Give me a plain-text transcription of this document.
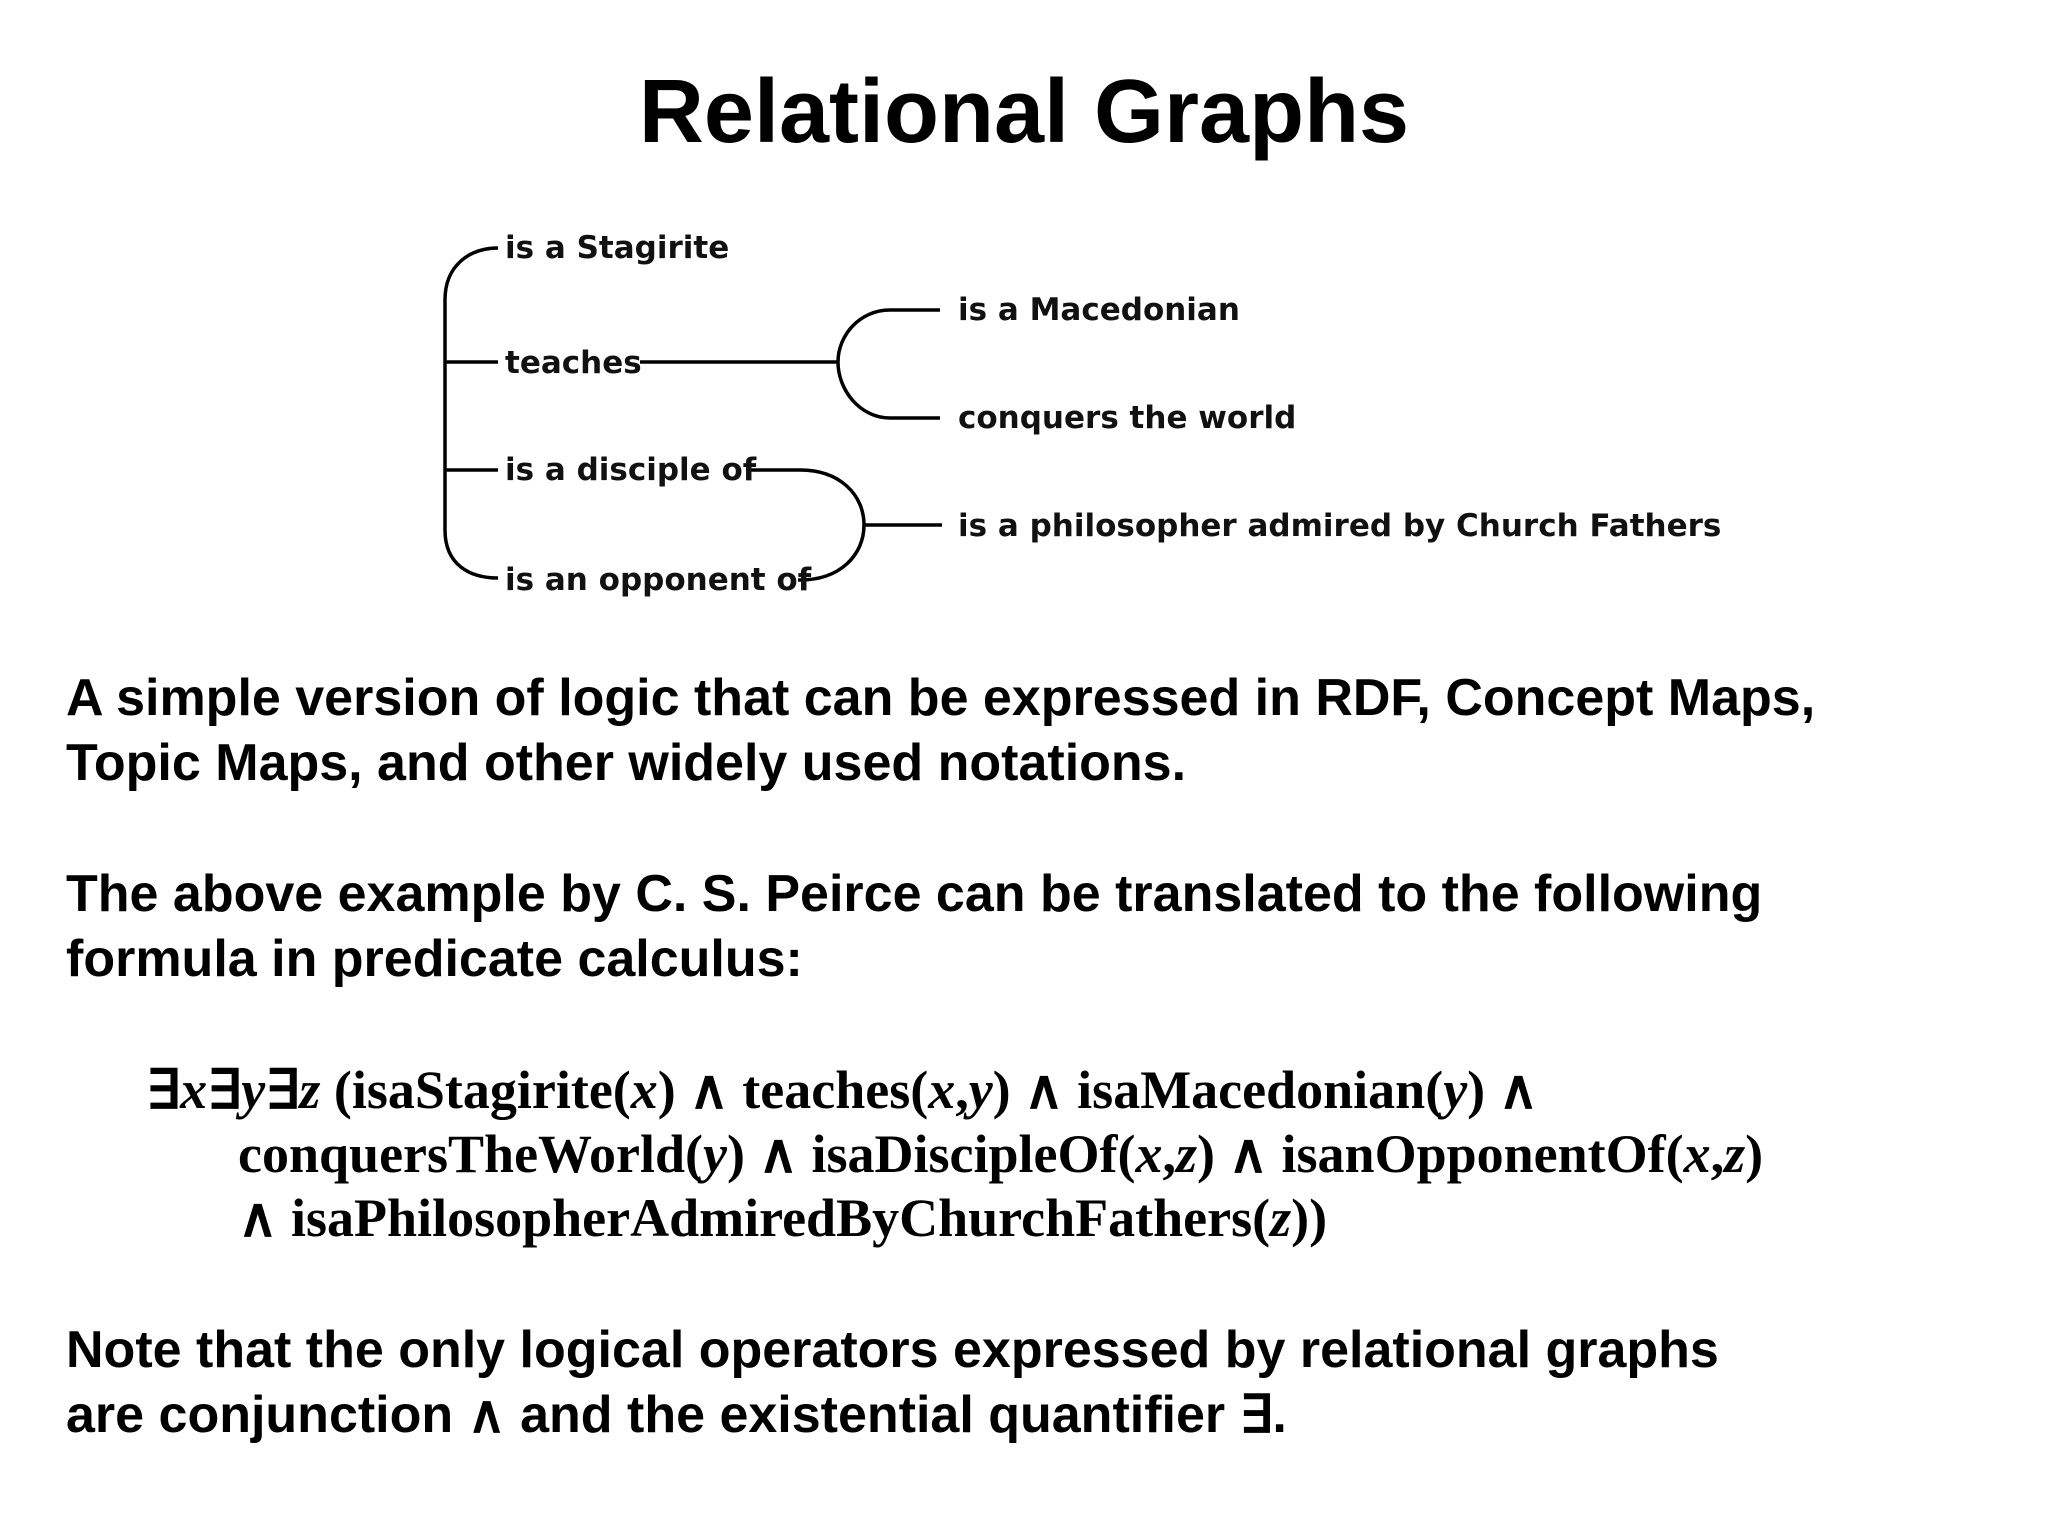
Relational Graphs
is a Stagirite
teaches
is a disciple of
is an opponent of
is a Macedonian
conquers the world
is a philosopher admired by Church Fathers

A simple version of logic that can be expressed in RDF, Concept Maps,

Topic Maps, and other widely used notations.

The above example by C. S. Peirce can be translated to the following

formula in predicate calculus:

∃x∃y∃z (isaStagirite(x) ∧ teaches(x,y) ∧ isaMacedonian(y) ∧
conquersTheWorld(y) ∧ isaDiscipleOf(x,z) ∧ isanOpponentOf(x,z)
∧ isaPhilosopherAdmiredByChurchFathers(z))

Note that the only logical operators expressed by relational graphs

are conjunction ∧ and the existential quantifier ∃.
